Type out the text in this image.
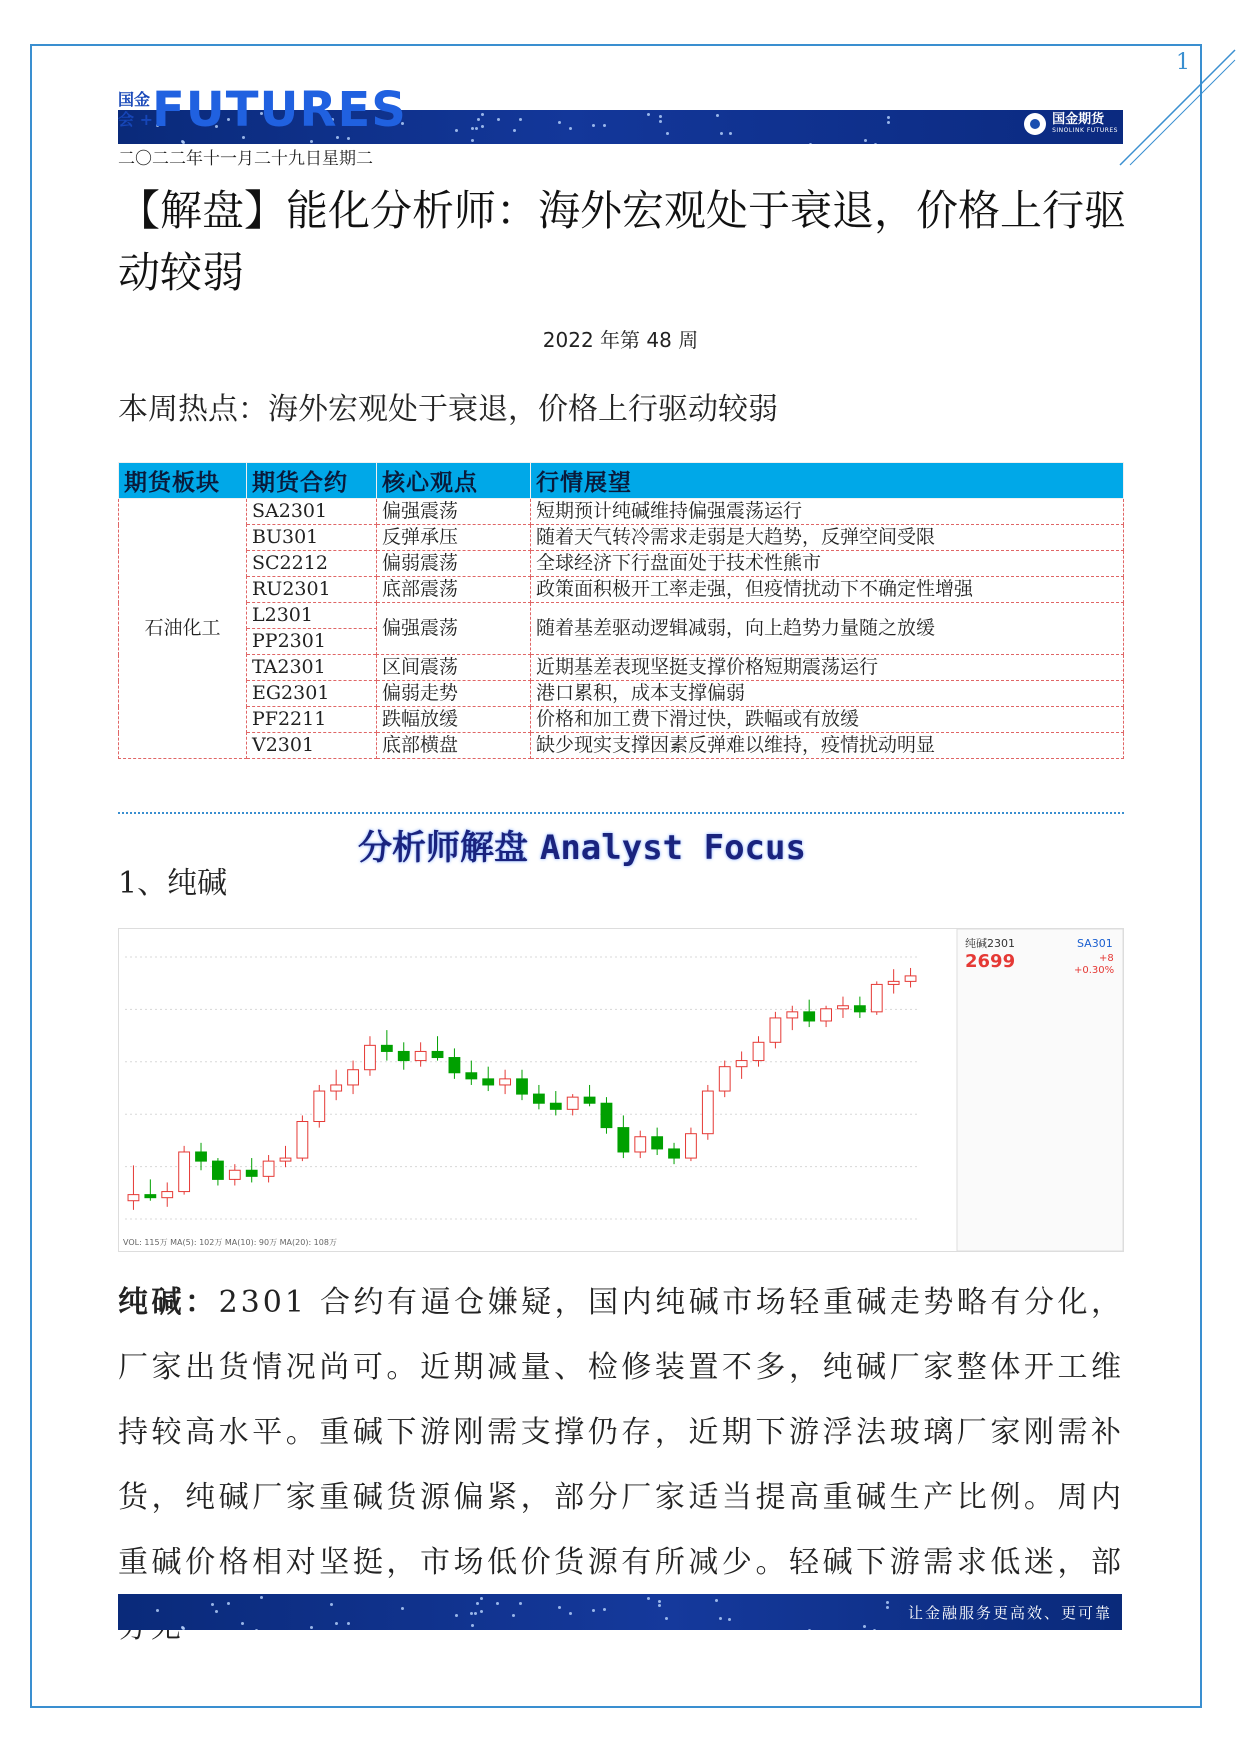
1
国金期货
SINOLINK FUTURES
国金
会 + FUTURES
二〇二二年十一月二十九日星期二
【解盘】能化分析师：海外宏观处于衰退，价格上行驱动较弱
2022 年第 48 周
本周热点：海外宏观处于衰退，价格上行驱动较弱
期货板块	期货合约	核心观点	行情展望
石油化工	SA2301	偏强震荡	短期预计纯碱维持偏强震荡运行
	BU301	反弹承压	随着天气转冷需求走弱是大趋势，反弹空间受限
	SC2212	偏弱震荡	全球经济下行盘面处于技术性熊市
	RU2301	底部震荡	政策面积极开工率走强，但疫情扰动下不确定性增强
	L2301	偏强震荡	随着基差驱动逻辑减弱，向上趋势力量随之放缓
	PP2301		
	TA2301	区间震荡	近期基差表现坚挺支撑价格短期震荡运行
	EG2301	偏弱走势	港口累积，成本支撑偏弱
	PF2211	跌幅放缓	价格和加工费下滑过快，跌幅或有放缓
	V2301	底部横盘	缺少现实支撑因素反弹难以维持，疫情扰动明显
分析师解盘 Analyst Focus
1、纯碱
纯碱2301	SA301
2699	+8
+0.30%
VOL: 115万 MA(5): 102万 MA(10): 90万 MA(20): 108万
纯碱：2301 合约有逼仓嫌疑，国内纯碱市场轻重碱走势略有分化，厂家出货情况尚可。近期减量、检修装置不多，纯碱厂家整体开工维持较高水平。重碱下游刚需支撑仍存，近期下游浮法玻璃厂家刚需补货，纯碱厂家重碱货源偏紧，部分厂家适当提高重碱生产比例。周内重碱价格相对坚挺，市场低价货源有所减少。轻碱下游需求低迷，部
让金融服务更高效、更可靠
